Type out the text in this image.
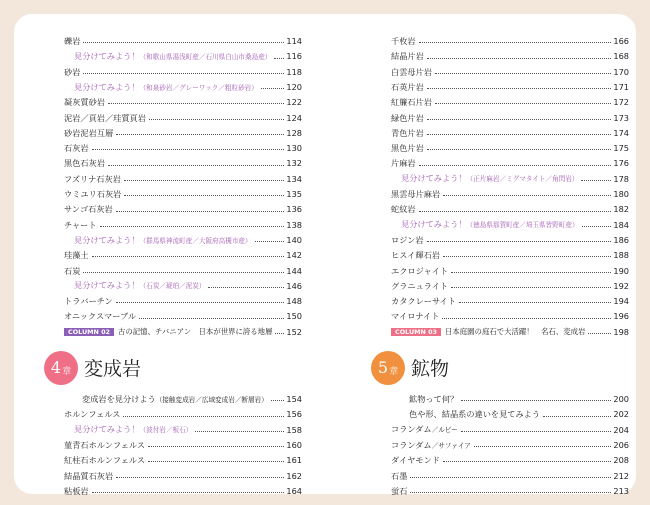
礫岩	114
見分けてみよう！（和歌山県湯浅町産／石川県白山市桑島産） 116
砂岩	118
見分けてみよう！（和泉砂岩／グレーワック／粗粒砂岩）	120
凝灰質砂岩	122
泥岩／頁岩／珪質頁岩	124
砂岩泥岩互層	128
石灰岩	130
黒色石灰岩	132
フズリナ石灰岩	134
ウミユリ石灰岩	135
サンゴ石灰岩	136
チャート	138
見分けてみよう！（群馬県神流町産／大阪府高槻市産）	140
珪藻土	142
石炭	144
見分けてみよう！（石炭／琥珀／泥炭）	146
トラバーチン	148
オニックスマーブル	150
COLUMN 02 古の記憶、チバニアン　日本が世界に誇る地層 152
4 章 変成岩
変成岩を見分けよう（接触変成岩／広域変成岩／断層岩） 154
ホルンフェルス	156
見分けてみよう！（波付岩／板石）	158
菫青石ホルンフェルス	160
紅柱石ホルンフェルス	161
結晶質石灰岩	162
粘板岩	164
千枚岩	166
結晶片岩	168
白雲母片岩	170
石英片岩	171
紅簾石片岩	172
緑色片岩	173
青色片岩	174
黒色片岩	175
片麻岩	176
見分けてみよう！（正片麻岩／ミグマタイト／角閃岩）	178
黒雲母片麻岩	180
蛇紋岩	182
見分けてみよう！（徳島県那賀町産／埼玉県皆野町産）	184
ロジン岩	186
ヒスイ輝石岩	188
エクロジャイト	190
グラニュライト	192
カタクレーサイト	194
マイロナイト	196
COLUMN 03 日本庭園の庭石で大活躍！　名石、変成岩	198
5 章 鉱物
鉱物って何？	200
色や形、結晶系の違いを見てみよう	202
コランダム／ルビー	204
コランダム／サファイア	206
ダイヤモンド	208
石墨	212
蛍石	213
